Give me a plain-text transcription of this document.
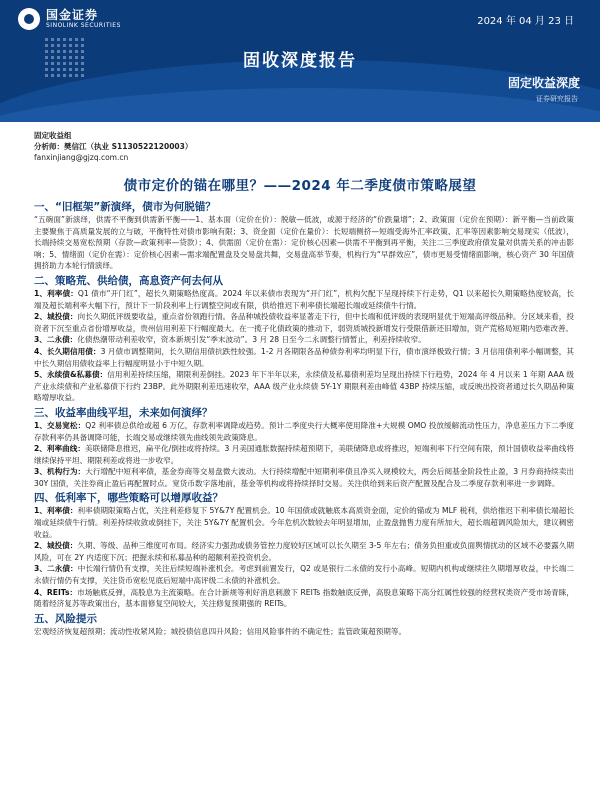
国金证券
SINOLINK SECURITIES	2024 年 04 月 23 日
固收深度报告
固定收益深度
证券研究报告
固定收益组
分析师：樊信江（执业 S1130522120003）
fanxinjiang@gjzq.com.cn
债市定价的锚在哪里？——2024 年二季度债市策略展望
一、“旧框架”新演绎，债市为何脱锚？

“五碗面”新演绎，供需不平衡到供需新平衡——1、基本面（定价在价）：脱敏—低波，或源于经济的“价跌量增”；2、政策面（定价在预期）：新平衡—当前政策主要聚焦于高质量发展的立与破，平衡特性对债市影响有限；3、资金面（定价在量价）：长短端侧挤—短端受海外汇率政策、汇率等因素影响交易现实（低波），长端持续交易宽松预期（存款—政策利率—贷款）；4、供需面（定价在需）：定价核心因素—供需不平衡到再平衡，关注二三季度政府债发量对供需关系的冲击影响；5、情绪面（定价在需）：定价核心因素—需求端配置盘及交易盘共舞，交易盘高举节奏，机构行为“早群效应”，债市更易受情绪面影响，核心资产 30 年国债拥挤助力本轮行情演绎。

二、策略荒、供给债，高息资产何去何从

1、利率债：Q1 债市“开门红”，超长久期策略热度高。2024 年以来债市表现为“开门红”，机构欠配下呈现持续下行走势，Q1 以来超长久期策略热度较高，长端及超长端利率大幅下行，预计下一阶段利率上行调整空间或有限，供给推迟下利率债长端超长端或延续债牛行情。

2、城投债：向长久期低评级要收益，重点省份领跑行情。各品种城投债收益率显著走下行，但中长端和低评级的表现明显优于短端高评级品种。分区域来看，投资者下沉至重点省份增厚收益，贵州信用利差下行幅度最大。在一揽子化债政策的推动下，弱资质城投新增发行受限借新还旧增加，资产荒格局短期内恐难改善。

3、二永债：化债热潮带动利差收窄，资本新规引发“季末波动”。3 月 28 日至今二永调整行情暂止，利差持续收窄。

4、长久期信用债：3 月债市调整期间，长久期信用债抗跌性较强。1-2 月各期限各品种债券利率均明显下行，债市演绎极致行情；3 月信用债利率小幅调整，其中长久期信用债收益率上行幅度明显小于中短久期。

5、永续债&私募债：信用利差持续压缩，期限利差倒挂。2023 年下半年以来，永续债及私募债利差均呈现出持续下行趋势，2024 年 4 月以来 1 年期 AAA 级产业永续债和产业私募债下行约 23BP。此外期限利差迅速收窄，AAA 级产业永续债 5Y-1Y 期限利差由峰值 43BP 持续压缩，或反映出投资者通过长久期品种策略增厚收益。

三、收益率曲线平坦，未来如何演绎？

1、交易宽松：Q2 利率债总供给或超 6 万亿，存款利率调降或趋势。预计二季度央行大概率使用降准+大规模 OMO 投放缓解流动性压力，净息差压力下二季度存款利率仍具备调降可能，长端交易或继续领先曲线领先政策降息。

2、利率曲线：美联储降息推迟，扁平化/倒挂或将持续。3 月美国通胀数据持续超预期下，美联储降息或将推迟，短端利率下行空间有限，预计国债收益率曲线将继续保持平坦、期限利差或将进一步收窄。

3、机构行为：大行增配中短利率债，基金券商等交易盘微大波动。大行持续增配中短期利率债且净买入规模较大，两会后阅基金阶段性止盈，3 月券商持续卖出 30Y 国债，关注券商止盈后再配置时点。宽货币数字落地前，基金等机构或将持续择时交易。关注供给到来后资产配置及配合及二季度存款利率进一步调降。

四、低利率下，哪些策略可以增厚收益？

1、利率债：利率债期限策略占优，关注利差修复下 5Y&7Y 配置机会。10 年国债或就触底本高质资金面，定价的锚或为 MLF 税利，供给推迟下利率债长端超长端或延续债牛行情。利差持续收敛或倒挂下，关注 5Y&7Y 配置机会。今年危机次数较去年明显增加，止盈盘抛售力度有所加大，超长端超调风险加大，建议稠密收益。

2、城投债：久期、等级、品种三维度可布局。经济实力强劲或债务管控力度较好区域可以长久期至 3-5 年左右；债务负担重或负面舆情扰动的区域不必要露久期风险，可在 2Y 内适度下沉；把握永续和私募品种的超额利差投资机会。

3、二永债：中长端行情仍有支撑，关注后续短端补涨机会。考虑到前置发行，Q2 或是银行二永债的发行小高峰。短期内机构或继续往久期增厚收益，中长端二永债行情仍有支撑，关注货币宽松见底后短端中高评级二永债的补涨机会。

4、REITs：市场触底反弹，高股息为主流策略。在合计新规等利好消息刺激下 REITs 指数触底反弹，高股息策略下高分红属性较强的经营权类资产受市场青睐，随着经济复苏等政策出台，基本面修复空间较大，关注修复预期强的 REITs。

五、风险提示

宏观经济恢复超预期；流动性收紧风险；城投债信息四升风险；信用风险事件的不确定性；监管政策超预期等。
